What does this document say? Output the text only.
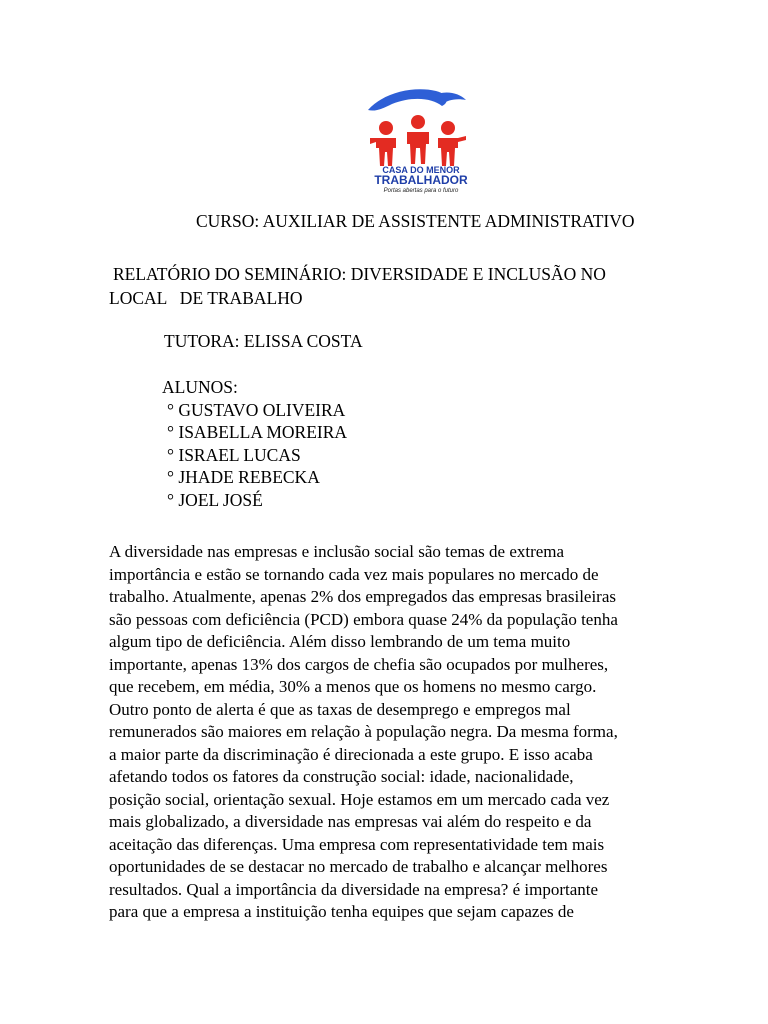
CASA DO MENOR
TRABALHADOR
Portas abertas para o futuro
CURSO: AUXILIAR DE ASSISTENTE ADMINISTRATIVO
RELATÓRIO DO SEMINÁRIO: DIVERSIDADE E INCLUSÃO NO
LOCAL   DE TRABALHO
TUTORA: ELISSA COSTA
ALUNOS:
° GUSTAVO OLIVEIRA
° ISABELLA MOREIRA
° ISRAEL LUCAS
° JHADE REBECKA
° JOEL JOSÉ

A diversidade nas empresas e inclusão social são temas de extrema
importância e estão se tornando cada vez mais populares no mercado de
trabalho. Atualmente, apenas 2% dos empregados das empresas brasileiras
são pessoas com deficiência (PCD) embora quase 24% da população tenha
algum tipo de deficiência. Além disso lembrando de um tema muito
importante, apenas 13% dos cargos de chefia são ocupados por mulheres,
que recebem, em média, 30% a menos que os homens no mesmo cargo.
Outro ponto de alerta é que as taxas de desemprego e empregos mal
remunerados são maiores em relação à população negra. Da mesma forma,
a maior parte da discriminação é direcionada a este grupo. E isso acaba
afetando todos os fatores da construção social: idade, nacionalidade,
posição social, orientação sexual. Hoje estamos em um mercado cada vez
mais globalizado, a diversidade nas empresas vai além do respeito e da
aceitação das diferenças. Uma empresa com representatividade tem mais
oportunidades de se destacar no mercado de trabalho e alcançar melhores
resultados. Qual a importância da diversidade na empresa? é importante
para que a empresa a instituição tenha equipes que sejam capazes de
